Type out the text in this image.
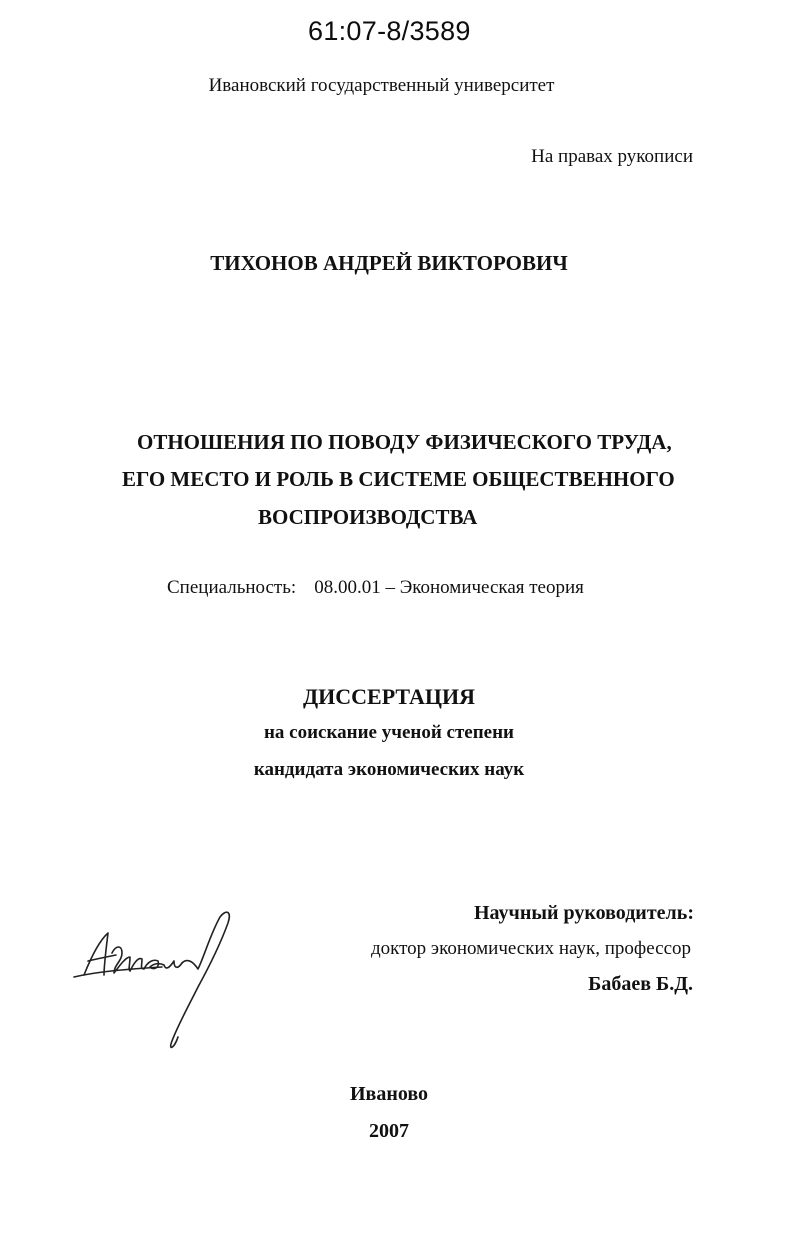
61:07-8/3589
Ивановский государственный университет
На правах рукописи
ТИХОНОВ АНДРЕЙ ВИКТОРОВИЧ
ОТНОШЕНИЯ ПО ПОВОДУ ФИЗИЧЕСКОГО ТРУДА,
ЕГО МЕСТО И РОЛЬ В СИСТЕМЕ ОБЩЕСТВЕННОГО
ВОСПРОИЗВОДСТВА
Специальность: 08.00.01 – Экономическая теория
ДИССЕРТАЦИЯ
на соискание ученой степени
кандидата экономических наук
Научный руководитель:
доктор экономических наук, профессор
Бабаев Б.Д.
Иваново
2007
